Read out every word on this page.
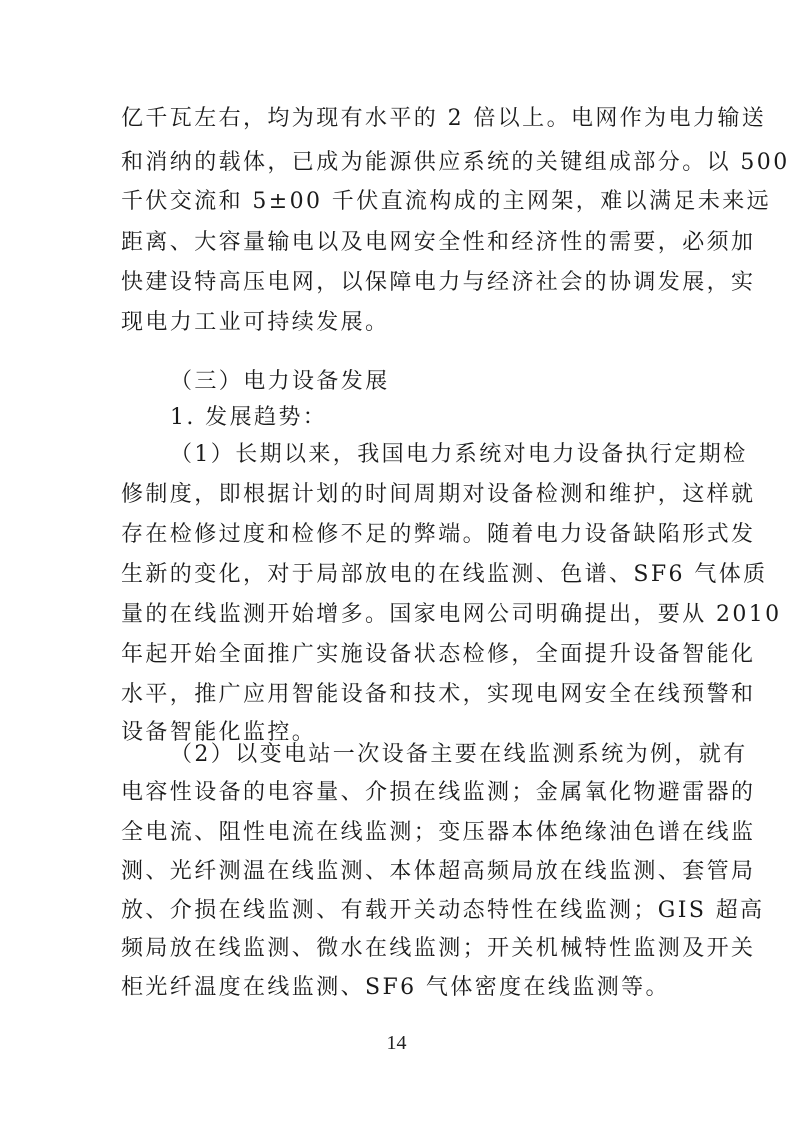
亿千瓦左右，均为现有水平的 2 倍以上。电网作为电力输送
和消纳的载体，已成为能源供应系统的关键组成部分。以 500
千伏交流和 5±00 千伏直流构成的主网架，难以满足未来远
距离、大容量输电以及电网安全性和经济性的需要，必须加
快建设特高压电网，以保障电力与经济社会的协调发展，实
现电力工业可持续发展。
（三）电力设备发展
1. 发展趋势：
（1）长期以来，我国电力系统对电力设备执行定期检
修制度，即根据计划的时间周期对设备检测和维护，这样就
存在检修过度和检修不足的弊端。随着电力设备缺陷形式发
生新的变化，对于局部放电的在线监测、色谱、SF6 气体质
量的在线监测开始增多。国家电网公司明确提出，要从 2010
年起开始全面推广实施设备状态检修，全面提升设备智能化
水平，推广应用智能设备和技术，实现电网安全在线预警和
设备智能化监控。
（2）以变电站一次设备主要在线监测系统为例，就有
电容性设备的电容量、介损在线监测；金属氧化物避雷器的
全电流、阻性电流在线监测；变压器本体绝缘油色谱在线监
测、光纤测温在线监测、本体超高频局放在线监测、套管局
放、介损在线监测、有载开关动态特性在线监测；GIS 超高
频局放在线监测、微水在线监测；开关机械特性监测及开关
柜光纤温度在线监测、SF6 气体密度在线监测等。
14
